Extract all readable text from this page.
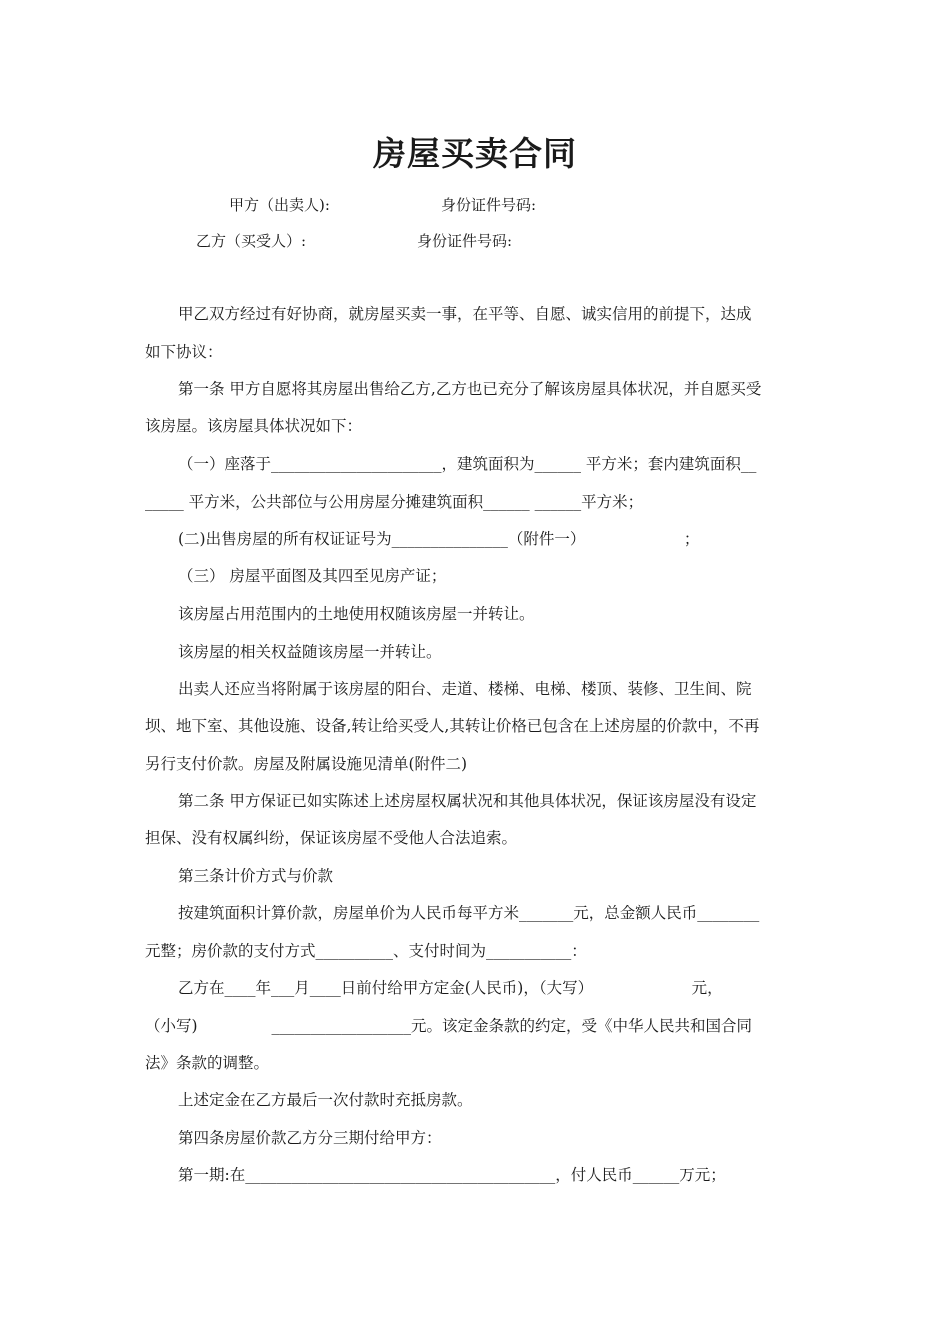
房屋买卖合同
甲方（出卖人):	身份证件号码:
乙方（买受人）:	身份证件号码:
甲乙双方经过有好协商，就房屋买卖一事，在平等、自愿、诚实信用的前提下，达成
如下协议：
第一条 甲方自愿将其房屋出售给乙方,乙方也已充分了解该房屋具体状况，并自愿买受
该房屋。该房屋具体状况如下：
（一）座落于______________________，建筑面积为______ 平方米；套内建筑面积__
_____ 平方米，公共部位与公用房屋分摊建筑面积______ ______平方米；
(二)出售房屋的所有权证证号为_______________（附件一）                    ；
（三） 房屋平面图及其四至见房产证；
该房屋占用范围内的土地使用权随该房屋一并转让。
该房屋的相关权益随该房屋一并转让。
出卖人还应当将附属于该房屋的阳台、走道、楼梯、电梯、楼顶、装修、卫生间、院
坝、地下室、其他设施、设备,转让给买受人,其转让价格已包含在上述房屋的价款中，不再
另行支付价款。房屋及附属设施见清单(附件二)
第二条 甲方保证已如实陈述上述房屋权属状况和其他具体状况，保证该房屋没有设定
担保、没有权属纠纷，保证该房屋不受他人合法追索。
第三条计价方式与价款
按建筑面积计算价款，房屋单价为人民币每平方米_______元，总金额人民币________
元整；房价款的支付方式__________、支付时间为___________：
乙方在____年___月____日前付给甲方定金(人民币)，（大写）                    元，
（小写)               __________________元。该定金条款的约定，受《中华人民共和国合同
法》条款的调整。
上述定金在乙方最后一次付款时充抵房款。
第四条房屋价款乙方分三期付给甲方：
第一期:在________________________________________，付人民币______万元；
